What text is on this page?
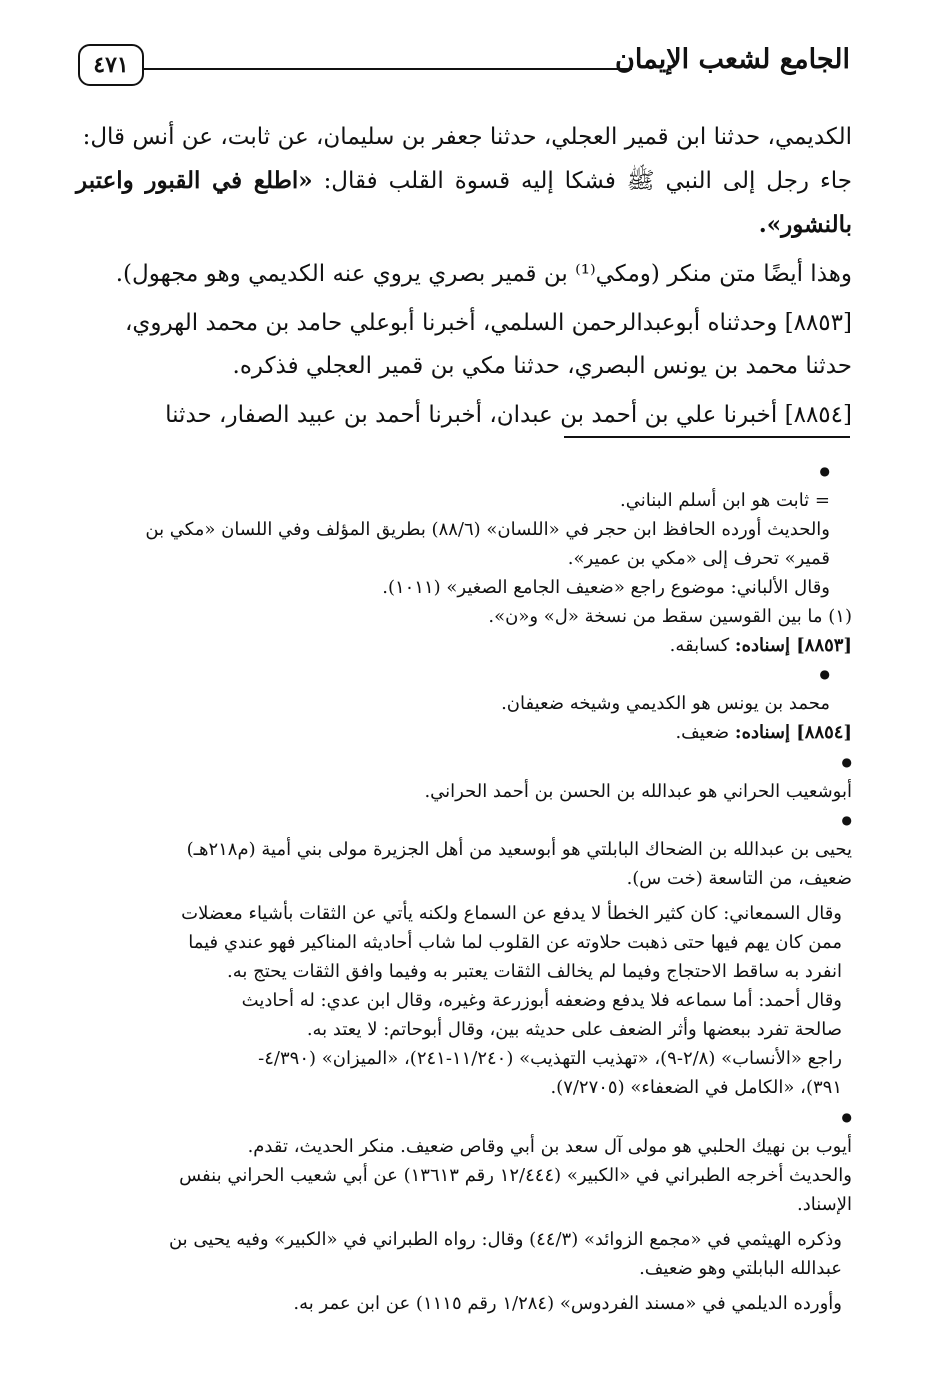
الجامع لشعب الإيمان
٤٧١

الكديمي، حدثنا ابن قمير العجلي، حدثنا جعفر بن سليمان، عن ثابت، عن أنس قال:
جاء رجل إلى النبي ﷺ فشكا إليه قسوة القلب فقال: «اطلع في القبور واعتبر بالنشور».

وهذا أيضًا متن منكر (ومكي⁽¹⁾ بن قمير بصري يروي عنه الكديمي وهو مجهول).

[٨٨٥٣] وحدثناه أبوعبدالرحمن السلمي، أخبرنا أبوعلي حامد بن محمد الهروي،
حدثنا محمد بن يونس البصري، حدثنا مكي بن قمير العجلي فذكره.

[٨٨٥٤] أخبرنا علي بن أحمد بن عبدان، أخبرنا أحمد بن عبيد الصفار، حدثنا

● = ثابت هو ابن أسلم البناني.

والحديث أورده الحافظ ابن حجر في «اللسان» (٨٨/٦) بطريق المؤلف وفي اللسان «مكي بن
قمير» تحرف إلى «مكي بن عمير».

وقال الألباني: موضوع راجع «ضعيف الجامع الصغير» (١٠١١).

(١) ما بين القوسين سقط من نسخة «ل» و«ن».

[٨٨٥٣] إسناده: كسابقه.

● محمد بن يونس هو الكديمي وشيخه ضعيفان.

[٨٨٥٤] إسناده: ضعيف.

● أبوشعيب الحراني هو عبدالله بن الحسن بن أحمد الحراني.

● يحيى بن عبدالله بن الضحاك البابلتي هو أبوسعيد من أهل الجزيرة مولى بني أمية (م٢١٨هـ)
ضعيف، من التاسعة (خت س).

وقال السمعاني: كان كثير الخطأ لا يدفع عن السماع ولكنه يأتي عن الثقات بأشياء معضلات
ممن كان يهم فيها حتى ذهبت حلاوته عن القلوب لما شاب أحاديثه المناكير فهو عندي فيما
انفرد به ساقط الاحتجاج وفيما لم يخالف الثقات يعتبر به وفيما وافق الثقات يحتج به.

وقال أحمد: أما سماعه فلا يدفع وضعفه أبوزرعة وغيره، وقال ابن عدي: له أحاديث
صالحة تفرد ببعضها وأثر الضعف على حديثه بين، وقال أبوحاتم: لا يعتد به.

راجع «الأنساب» (٢/٨-٩)، «تهذيب التهذيب» (١١/٢٤٠-٢٤١)، «الميزان» (٤/٣٩٠-
٣٩١)، «الكامل في الضعفاء» (٧/٢٧٠٥).

● أيوب بن نهيك الحلبي هو مولى آل سعد بن أبي وقاص ضعيف. منكر الحديث، تقدم.

والحديث أخرجه الطبراني في «الكبير» (١٢/٤٤٤ رقم ١٣٦١٣) عن أبي شعيب الحراني بنفس
الإسناد.

وذكره الهيثمي في «مجمع الزوائد» (٤٤/٣) وقال: رواه الطبراني في «الكبير» وفيه يحيى بن
عبدالله البابلتي وهو ضعيف.

وأورده الديلمي في «مسند الفردوس» (١/٢٨٤ رقم ١١١٥) عن ابن عمر به.
